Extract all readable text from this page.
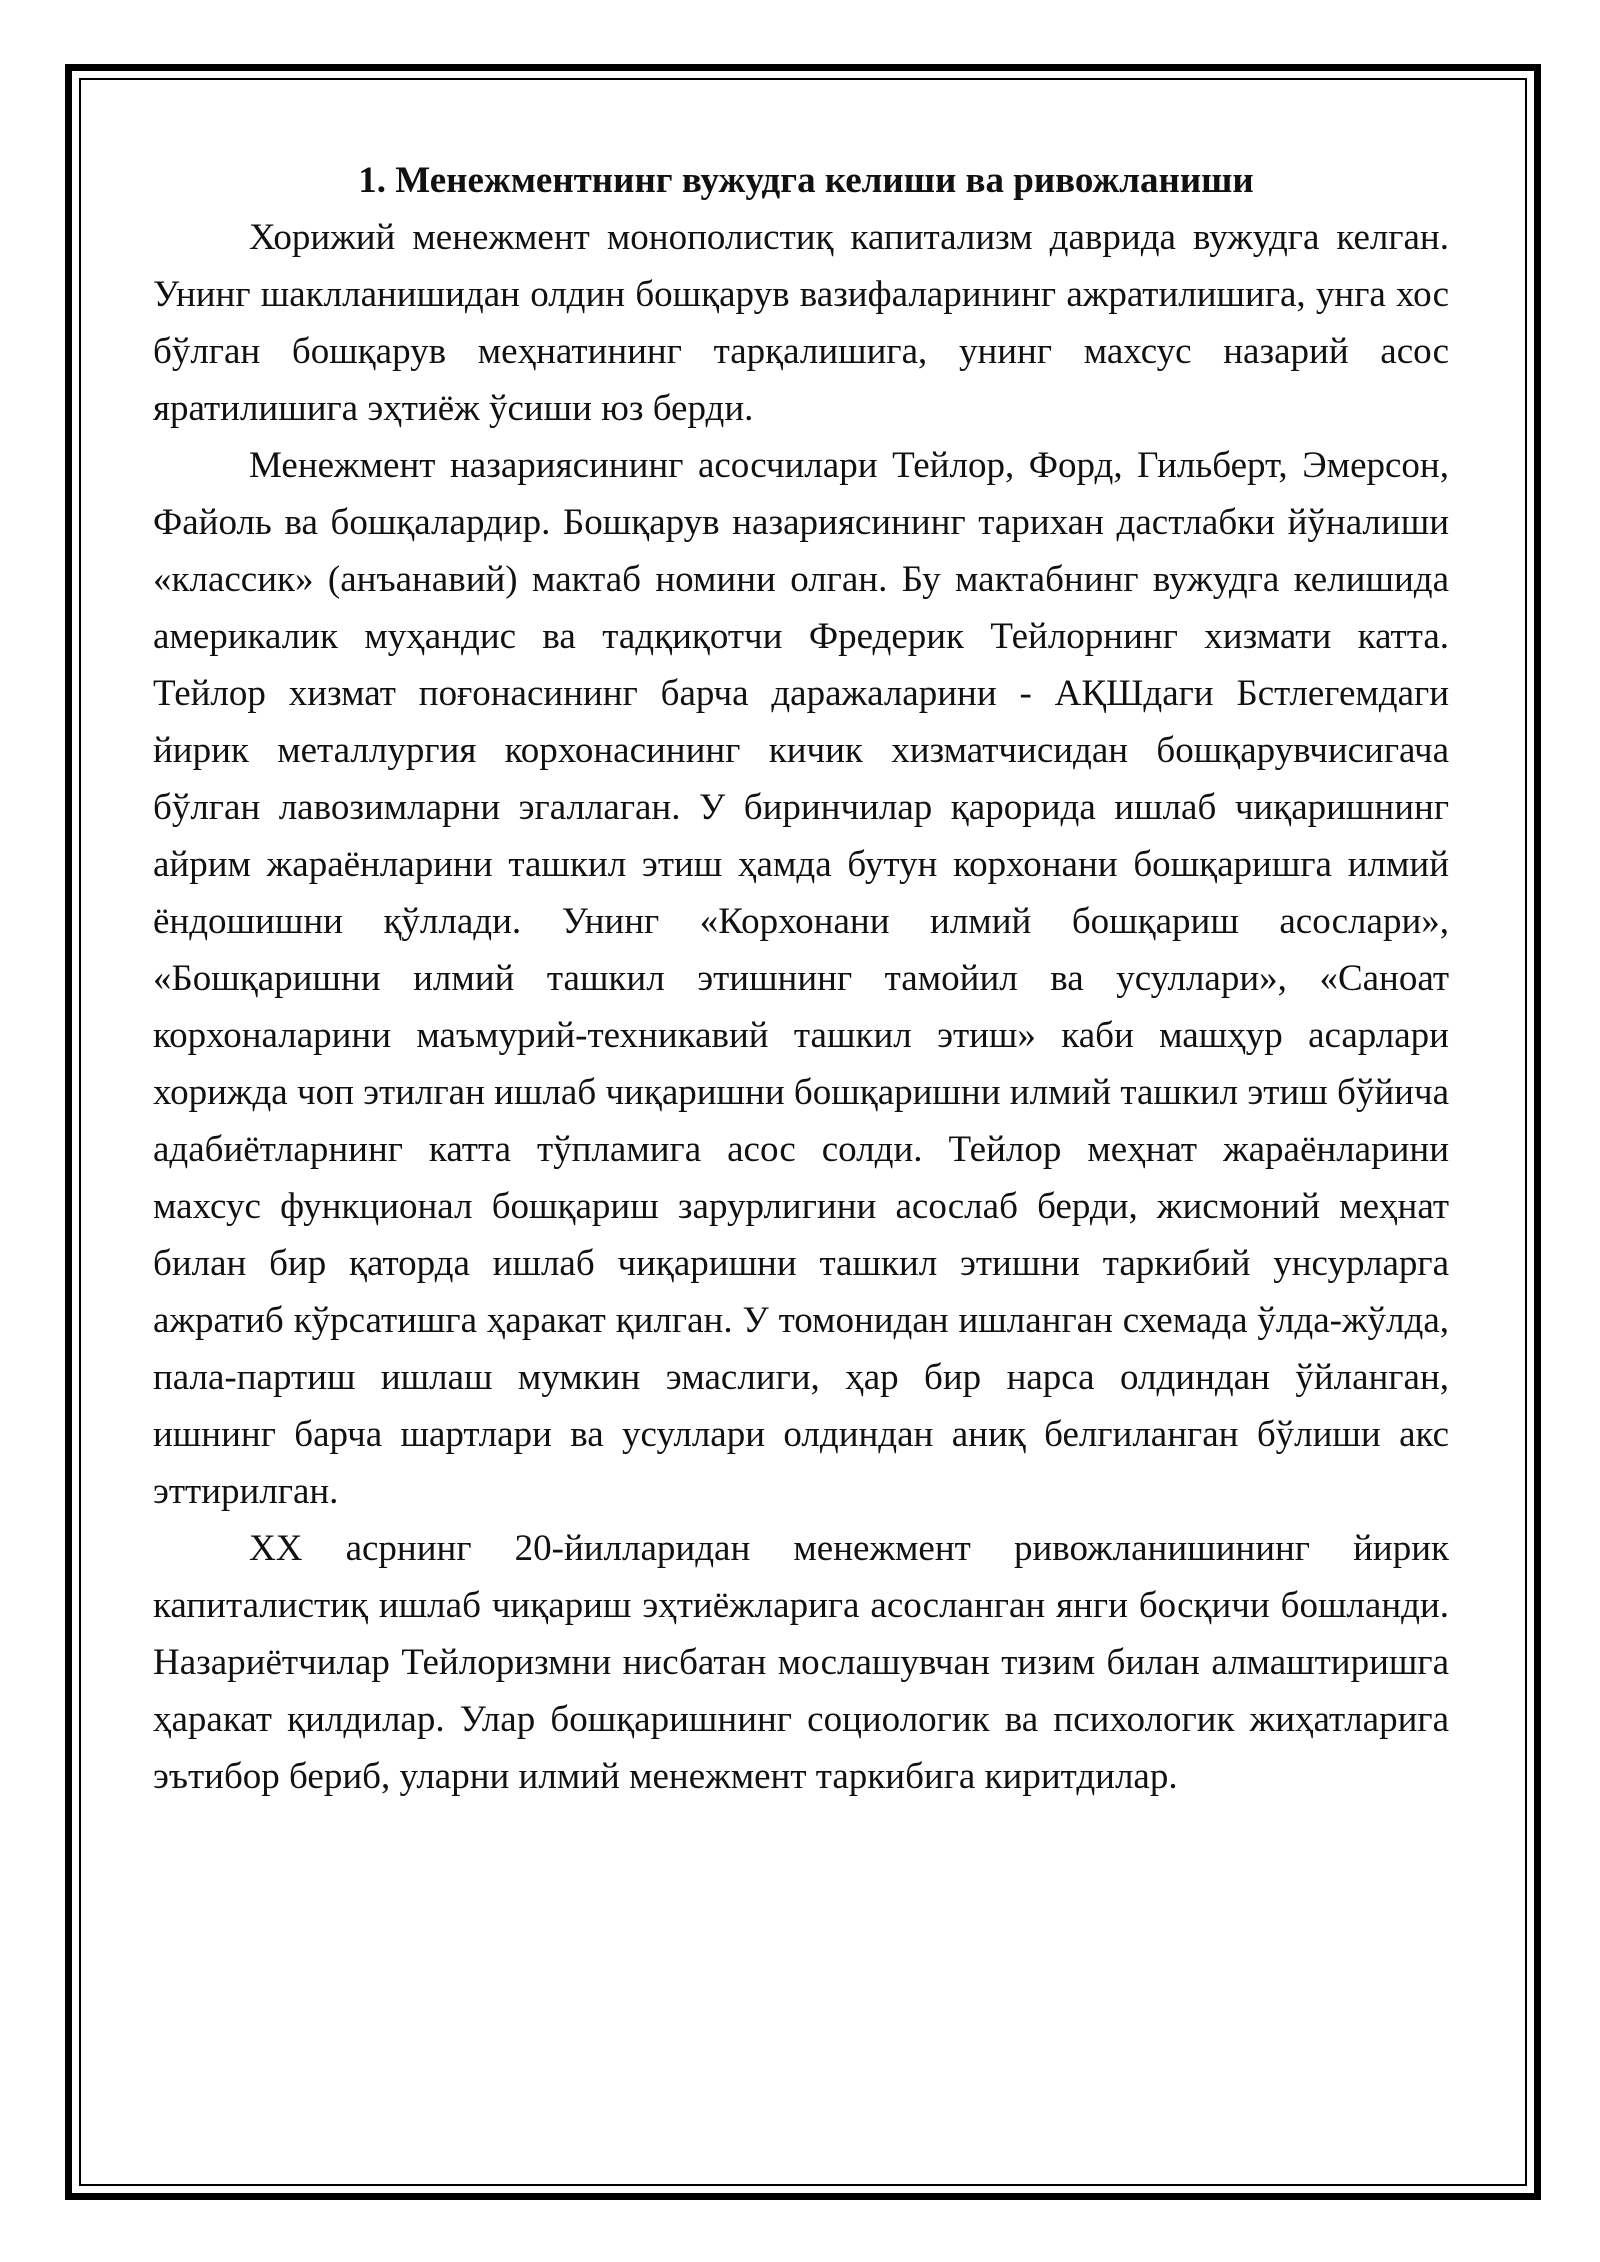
1. Менежментнинг вужудга келиши ва ривожланиши

Хорижий менежмент монополистиқ капитализм даврида вужудга келган. Унинг шаклланишидан олдин бошқарув вазифаларининг ажратилишига, унга хос бўлган бошқарув меҳнатининг тарқалишига, унинг махсус назарий асос яратилишига эҳтиёж ўсиши юз берди.

Менежмент назариясининг асосчилари Тейлор, Форд, Гильберт, Эмерсон, Файоль ва бошқалардир. Бошқарув назариясининг тарихан дастлабки йўналиши «классик» (анъанавий) мактаб номини олган. Бу мактабнинг вужудга келишида америкалик муҳандис ва тадқиқотчи Фредерик Тейлорнинг хизмати катта. Тейлор хизмат поғонасининг барча даражаларини - АҚШдаги Бстлегемдаги йирик металлургия корхонасининг кичик хизматчисидан бошқарувчисигача бўлган лавозимларни эгаллаган. У биринчилар қарорида ишлаб чиқаришнинг айрим жараёнларини ташкил этиш ҳамда бутун корхонани бошқаришга илмий ёндошишни қўллади. Унинг «Корхонани илмий бошқариш асослари», «Бошқаришни илмий ташкил этишнинг тамойил ва усуллари», «Саноат корхоналарини маъмурий-техникавий ташкил этиш» каби машҳур асарлари хорижда чоп этилган ишлаб чиқаришни бошқаришни илмий ташкил этиш бўйича адабиётларнинг катта тўпламига асос солди. Тейлор меҳнат жараёнларини махсус функционал бошқариш зарурлигини асослаб берди, жисмоний меҳнат билан бир қаторда ишлаб чиқаришни ташкил этишни таркибий унсурларга ажратиб кўрсатишга ҳаракат қилган. У томонидан ишланган схемада ўлда-жўлда, пала-партиш ишлаш мумкин эмаслиги, ҳар бир нарса олдиндан ўйланган, ишнинг барча шартлари ва усуллари олдиндан аниқ белгиланган бўлиши акс эттирилган.

XX асрнинг 20-йилларидан менежмент ривожланишининг йирик капиталистиқ ишлаб чиқариш эҳтиёжларига асосланган янги босқичи бошланди. Назариётчилар Тейлоризмни нисбатан мослашувчан тизим билан алмаштиришга ҳаракат қилдилар. Улар бошқаришнинг социологик ва психологик жиҳатларига эътибор бериб, уларни илмий менежмент таркибига киритдилар.
